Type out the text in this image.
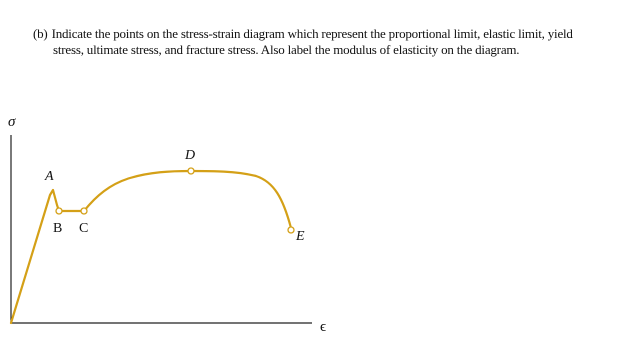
(b) Indicate the points on the stress-strain diagram which represent the proportional limit, elastic limit, yield
stress, ultimate stress, and fracture stress. Also label the modulus of elasticity on the diagram.
σ
ϵ
A
B C
D
E
